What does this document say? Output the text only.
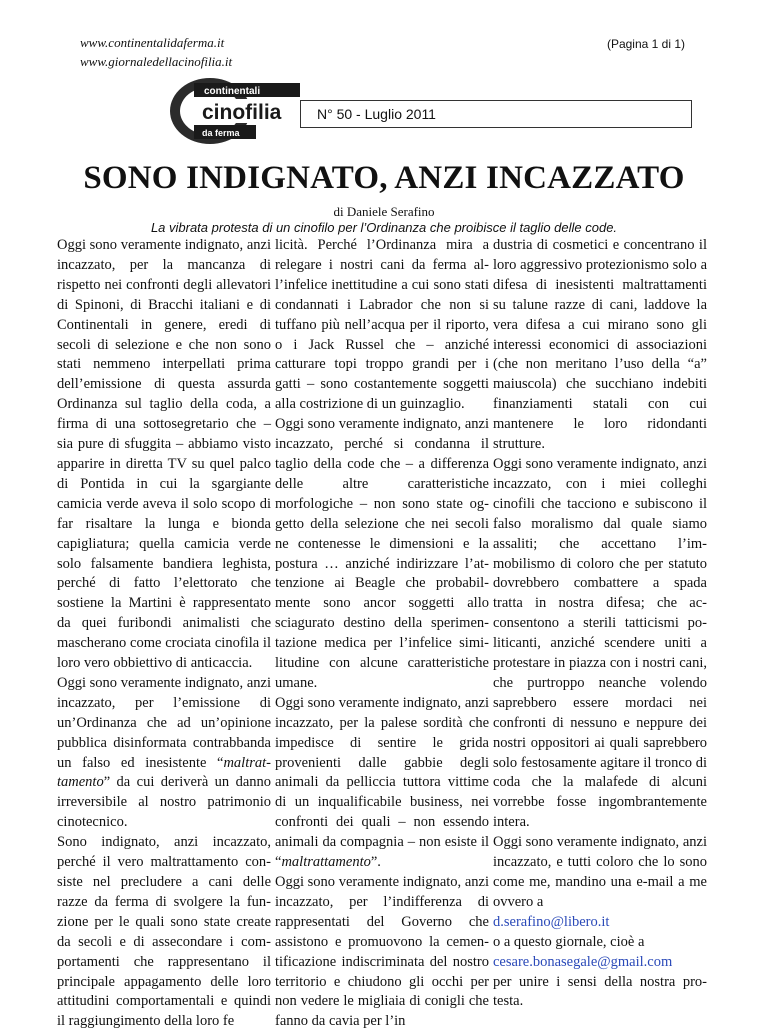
www.continentalidaferma.it
www.giornaledellacinofilia.it
(Pagina 1 di 1)
continentali
cinofilia
da ferma
N° 50 - Luglio 2011
SONO INDIGNATO, ANZI INCAZZATO
di Daniele Serafino
La vibrata protesta di un cinofilo per l’Ordinanza che proibisce il taglio delle code.

Oggi sono veramente indignato, anzi incazzato, per la mancanza di rispetto nei confronti degli allevatori di Spinoni, di Bracchi italiani e di Continentali in genere, eredi di secoli di selezione e che non sono stati nemmeno interpellati prima dell’emissione di questa assurda Ordinanza sul taglio della coda, a firma di una sottosegretario che – sia pure di sfuggita – abbiamo visto apparire in diretta TV su quel palco di Pontida in cui la sgargiante camicia verde aveva il solo scopo di far risaltare la lunga e bionda capigliatura; quella camicia verde solo falsamente bandiera leghista, perché di fatto l’elettorato che sostiene la Martini è rappresentato da quei furibondi animalisti che mascherano come crociata cinofila il loro vero obbiettivo di anticaccia.

Oggi sono veramente indignato, anzi incazzato, per l’emissione di un’Ordinanza che ad un’opinione pubblica disinformata contrabbanda un falso ed inesistente “maltrattamento” da cui deriverà un danno irreversibile al nostro patrimonio cinotecnico.

Sono indignato, anzi incazzato, perché il vero maltrattamento consiste nel precludere a cani delle razze da ferma di svolgere la funzione per le quali sono state create da secoli e di assecondare i comportamenti che rappresentano il principale appagamento delle loro attitudini comportamentali e quindi il raggiungimento della loro fe

licità. Perché l’Ordinanza mira a relegare i nostri cani da ferma all’infelice inettitudine a cui sono stati condannati i Labrador che non si tuffano più nell’acqua per il riporto, o i Jack Russel che – anziché catturare topi troppo grandi per i gatti – sono costantemente soggetti alla costrizione di un guinzaglio.

Oggi sono veramente indignato, anzi incazzato, perché si condanna il taglio della code che – a differenza delle altre caratteristiche morfologiche – non sono state oggetto della selezione che nei secoli ne contenesse le dimensioni e la postura … anziché indirizzare l’attenzione ai Beagle che probabilmente sono ancor soggetti allo sciagurato destino della sperimentazione medica per l’infelice similitudine con alcune caratteristiche umane.

Oggi sono veramente indignato, anzi incazzato, per la palese sordità che impedisce di sentire le grida provenienti dalle gabbie degli animali da pelliccia tuttora vittime di un inqualificabile business, nei confronti dei quali – non essendo animali da compagnia – non esiste il “maltrattamento”.

Oggi sono veramente indignato, anzi incazzato, per l’indifferenza di rappresentati del Governo che assistono e promuovono la cementificazione indiscriminata del nostro territorio e chiudono gli occhi per non vedere le migliaia di conigli che fanno da cavia per l’in

dustria di cosmetici e concentrano il loro aggressivo protezionismo solo a difesa di inesistenti maltrattamenti su talune razze di cani, laddove la vera difesa a cui mirano sono gli interessi economici di associazioni (che non meritano l’uso della “a” maiuscola) che succhiano indebiti finanziamenti statali con cui mantenere le loro ridondanti strutture.

Oggi sono veramente indignato, anzi incazzato, con i miei colleghi cinofili che tacciono e subiscono il falso moralismo dal quale siamo assaliti; che accettano l’immobilismo di coloro che per statuto dovrebbero combattere a spada tratta in nostra difesa; che acconsentono a sterili tatticismi politicanti, anziché scendere uniti a protestare in piazza con i nostri cani, che purtroppo neanche volendo saprebbero essere mordaci nei confronti di nessuno e neppure dei nostri oppositori ai quali saprebbero solo festosamente agitare il tronco di coda che la malafede di alcuni vorrebbe fosse ingombrantemente intera.

Oggi sono veramente indignato, anzi incazzato, e tutti coloro che lo sono come me, mandino una e-mail a me ovvero a

d.serafino@libero.it

o a questo giornale, cioè a

cesare.bonasegale@gmail.com

per unire i sensi della nostra protesta.
